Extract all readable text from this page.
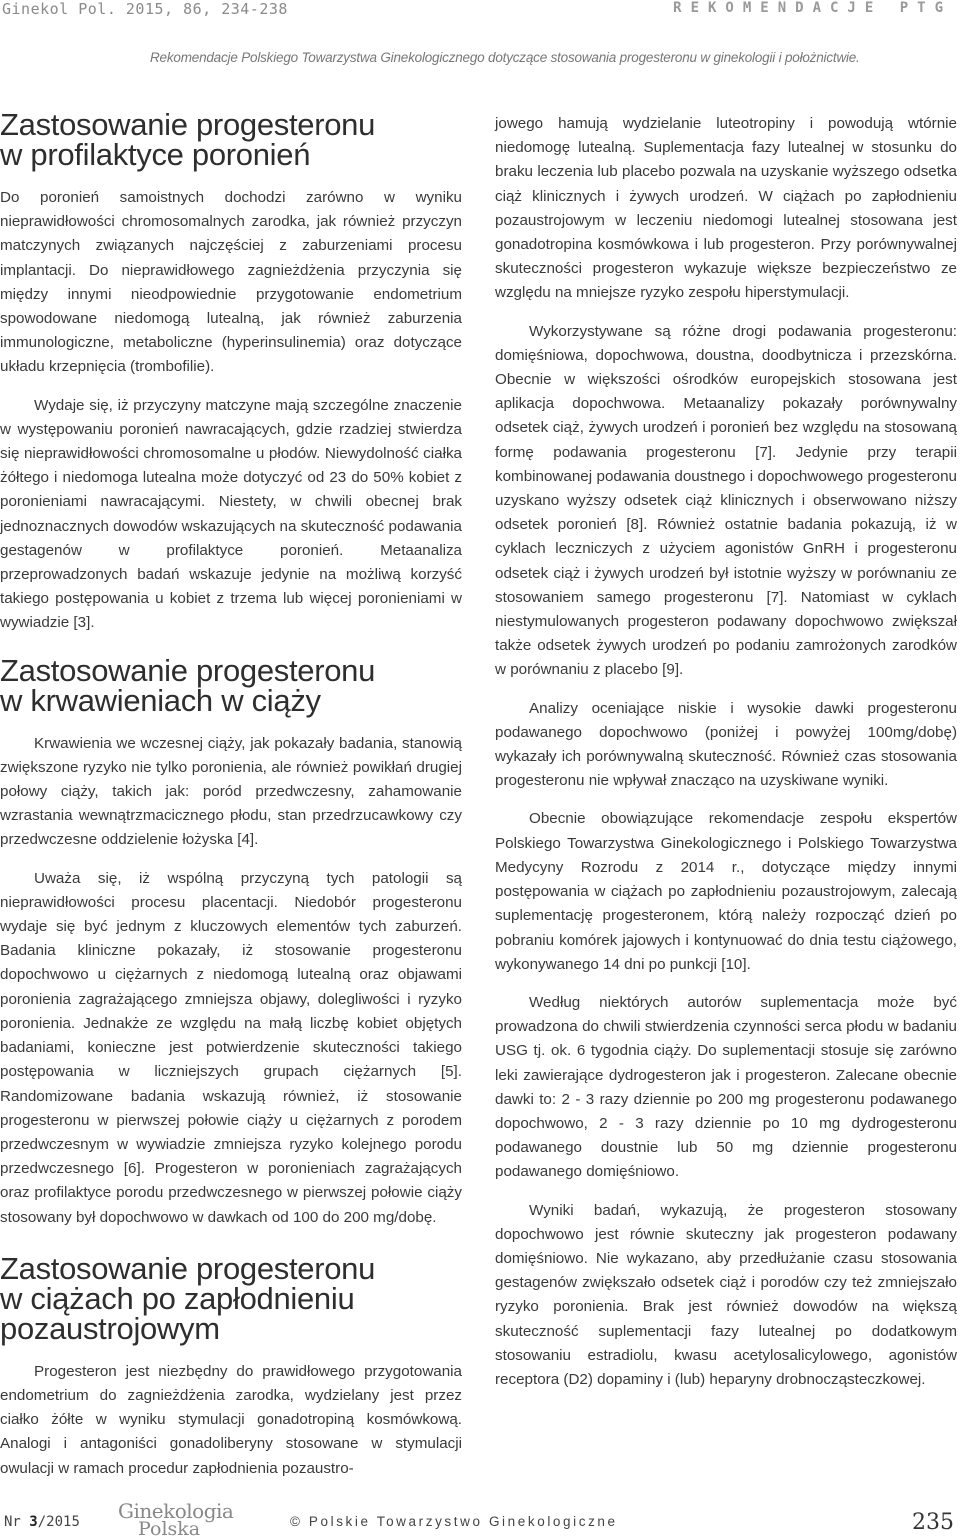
Ginekol Pol. 2015, 86, 234-238	REKOMENDACJE PTG
Rekomendacje Polskiego Towarzystwa Ginekologicznego dotyczące stosowania progesteronu w ginekologii i położnictwie.
Zastosowanie progesteronu
w profilaktyce poronień

Do poronień samoistnych dochodzi zarówno w wyniku nieprawidłowości chromosomalnych zarodka, jak również przyczyn matczynych związanych najczęściej z zaburzeniami procesu implantacji. Do nieprawidłowego zagnieżdżenia przyczynia się między innymi nieodpowiednie przygotowanie endometrium spowodowane niedomogą lutealną, jak również zaburzenia immunologiczne, metaboliczne (hyperinsulinemia) oraz dotyczące układu krzepnięcia (trombofilie).

Wydaje się, iż przyczyny matczyne mają szczególne znaczenie w występowaniu poronień nawracających, gdzie rzadziej stwierdza się nieprawidłowości chromosomalne u płodów. Niewydolność ciałka żółtego i niedomoga lutealna może dotyczyć od 23 do 50% kobiet z poronieniami nawracającymi. Niestety, w chwili obecnej brak jednoznacznych dowodów wskazujących na skuteczność podawania gestagenów w profilaktyce poronień. Metaanaliza przeprowadzonych badań wskazuje jedynie na możliwą korzyść takiego postępowania u kobiet z trzema lub więcej poronieniami w wywiadzie [3].

Zastosowanie progesteronu
w krwawieniach w ciąży

Krwawienia we wczesnej ciąży, jak pokazały badania, stanowią zwiększone ryzyko nie tylko poronienia, ale również powikłań drugiej połowy ciąży, takich jak: poród przedwczesny, zahamowanie wzrastania wewnątrzmacicznego płodu, stan przedrzucawkowy czy przedwczesne oddzielenie łożyska [4].

Uważa się, iż wspólną przyczyną tych patologii są nieprawidłowości procesu placentacji. Niedobór progesteronu wydaje się być jednym z kluczowych elementów tych zaburzeń. Badania kliniczne pokazały, iż stosowanie progesteronu dopochwowo u ciężarnych z niedomogą lutealną oraz objawami poronienia zagrażającego zmniejsza objawy, dolegliwości i ryzyko poronienia. Jednakże ze względu na małą liczbę kobiet objętych badaniami, konieczne jest potwierdzenie skuteczności takiego postępowania w liczniejszych grupach ciężarnych [5]. Randomizowane badania wskazują również, iż stosowanie progesteronu w pierwszej połowie ciąży u ciężarnych z porodem przedwczesnym w wywiadzie zmniejsza ryzyko kolejnego porodu przedwczesnego [6]. Progesteron w poronieniach zagrażających oraz profilaktyce porodu przedwczesnego w pierwszej połowie ciąży stosowany był dopochwowo w dawkach od 100 do 200 mg/dobę.

Zastosowanie progesteronu
w ciążach po zapłodnieniu
pozaustrojowym

Progesteron jest niezbędny do prawidłowego przygotowania endometrium do zagnieżdżenia zarodka, wydzielany jest przez ciałko żółte w wyniku stymulacji gonadotropiną kosmówkową. Analogi i antagoniści gonadoliberyny stosowane w stymulacji owulacji w ramach procedur zapłodnienia pozaustro-

jowego hamują wydzielanie luteotropiny i powodują wtórnie niedomogę lutealną. Suplementacja fazy lutealnej w stosunku do braku leczenia lub placebo pozwala na uzyskanie wyższego odsetka ciąż klinicznych i żywych urodzeń. W ciążach po zapłodnieniu pozaustrojowym w leczeniu niedomogi lutealnej stosowana jest gonadotropina kosmówkowa i lub progesteron. Przy porównywalnej skuteczności progesteron wykazuje większe bezpieczeństwo ze względu na mniejsze ryzyko zespołu hiperstymulacji.

Wykorzystywane są różne drogi podawania progesteronu: domięśniowa, dopochwowa, doustna, doodbytnicza i przezskórna. Obecnie w większości ośrodków europejskich stosowana jest aplikacja dopochwowa. Metaanalizy pokazały porównywalny odsetek ciąż, żywych urodzeń i poronień bez względu na stosowaną formę podawania progesteronu [7]. Jedynie przy terapii kombinowanej podawania doustnego i dopochwowego progesteronu uzyskano wyższy odsetek ciąż klinicznych i obserwowano niższy odsetek poronień [8]. Również ostatnie badania pokazują, iż w cyklach leczniczych z użyciem agonistów GnRH i progesteronu odsetek ciąż i żywych urodzeń był istotnie wyższy w porównaniu ze stosowaniem samego progesteronu [7]. Natomiast w cyklach niestymulowanych progesteron podawany dopochwowo zwiększał także odsetek żywych urodzeń po podaniu zamrożonych zarodków w porównaniu z placebo [9].

Analizy oceniające niskie i wysokie dawki progesteronu podawanego dopochwowo (poniżej i powyżej 100mg/dobę) wykazały ich porównywalną skuteczność. Również czas stosowania progesteronu nie wpływał znacząco na uzyskiwane wyniki.

Obecnie obowiązujące rekomendacje zespołu ekspertów Polskiego Towarzystwa Ginekologicznego i Polskiego Towarzystwa Medycyny Rozrodu z 2014 r., dotyczące między innymi postępowania w ciążach po zapłodnieniu pozaustrojowym, zalecają suplementację progesteronem, którą należy rozpocząć dzień po pobraniu komórek jajowych i kontynuować do dnia testu ciążowego, wykonywanego 14 dni po punkcji [10].

Według niektórych autorów suplementacja może być prowadzona do chwili stwierdzenia czynności serca płodu w badaniu USG tj. ok. 6 tygodnia ciąży. Do suplementacji stosuje się zarówno leki zawierające dydrogesteron jak i progesteron. Zalecane obecnie dawki to: 2 - 3 razy dziennie po 200 mg progesteronu podawanego dopochwowo, 2 - 3 razy dziennie po 10 mg dydrogesteronu podawanego doustnie lub 50 mg dziennie progesteronu podawanego domięśniowo.

Wyniki badań, wykazują, że progesteron stosowany dopochwowo jest równie skuteczny jak progesteron podawany domięśniowo. Nie wykazano, aby przedłużanie czasu stosowania gestagenów zwiększało odsetek ciąż i porodów czy też zmniejszało ryzyko poronienia. Brak jest również dowodów na większą skuteczność suplementacji fazy lutealnej po dodatkowym stosowaniu estradiolu, kwasu acetylosalicylowego, agonistów receptora (D2) dopaminy i (lub) heparyny drobnocząsteczkowej.

Nr 3/2015 Ginekologia
Polska	© Polskie Towarzystwo Ginekologiczne	235
